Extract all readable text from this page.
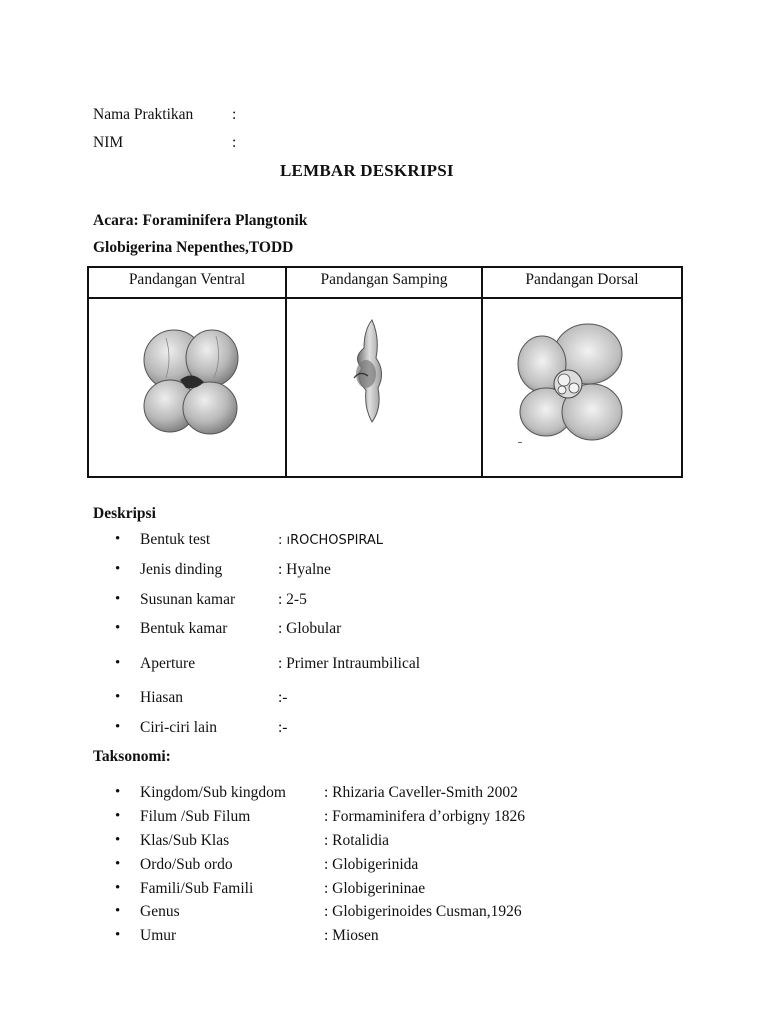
Nama Praktikan :
NIM	:
LEMBAR DESKRIPSI
Acara: Foraminifera Plangtonik
Globigerina Nepenthes,TODD
Pandangan Ventral	Pandangan Samping	Pandangan Dorsal
Deskripsi
• Bentuk test	: ıROCHOSPIRAL
• Jenis dinding	: Hyalne
• Susunan kamar	: 2-5
• Bentuk kamar	: Globular
• Aperture	: Primer Intraumbilical
• Hiasan	:-
• Ciri-ciri lain	:-
Taksonomi:
• Kingdom/Sub kingdom : Rhizaria Caveller-Smith 2002
• Filum /Sub Filum	: Formaminifera d’orbigny 1826
• Klas/Sub Klas	: Rotalidia
• Ordo/Sub ordo	: Globigerinida
• Famili/Sub Famili	: Globigerininae
• Genus	: Globigerinoides Cusman,1926
• Umur	: Miosen
